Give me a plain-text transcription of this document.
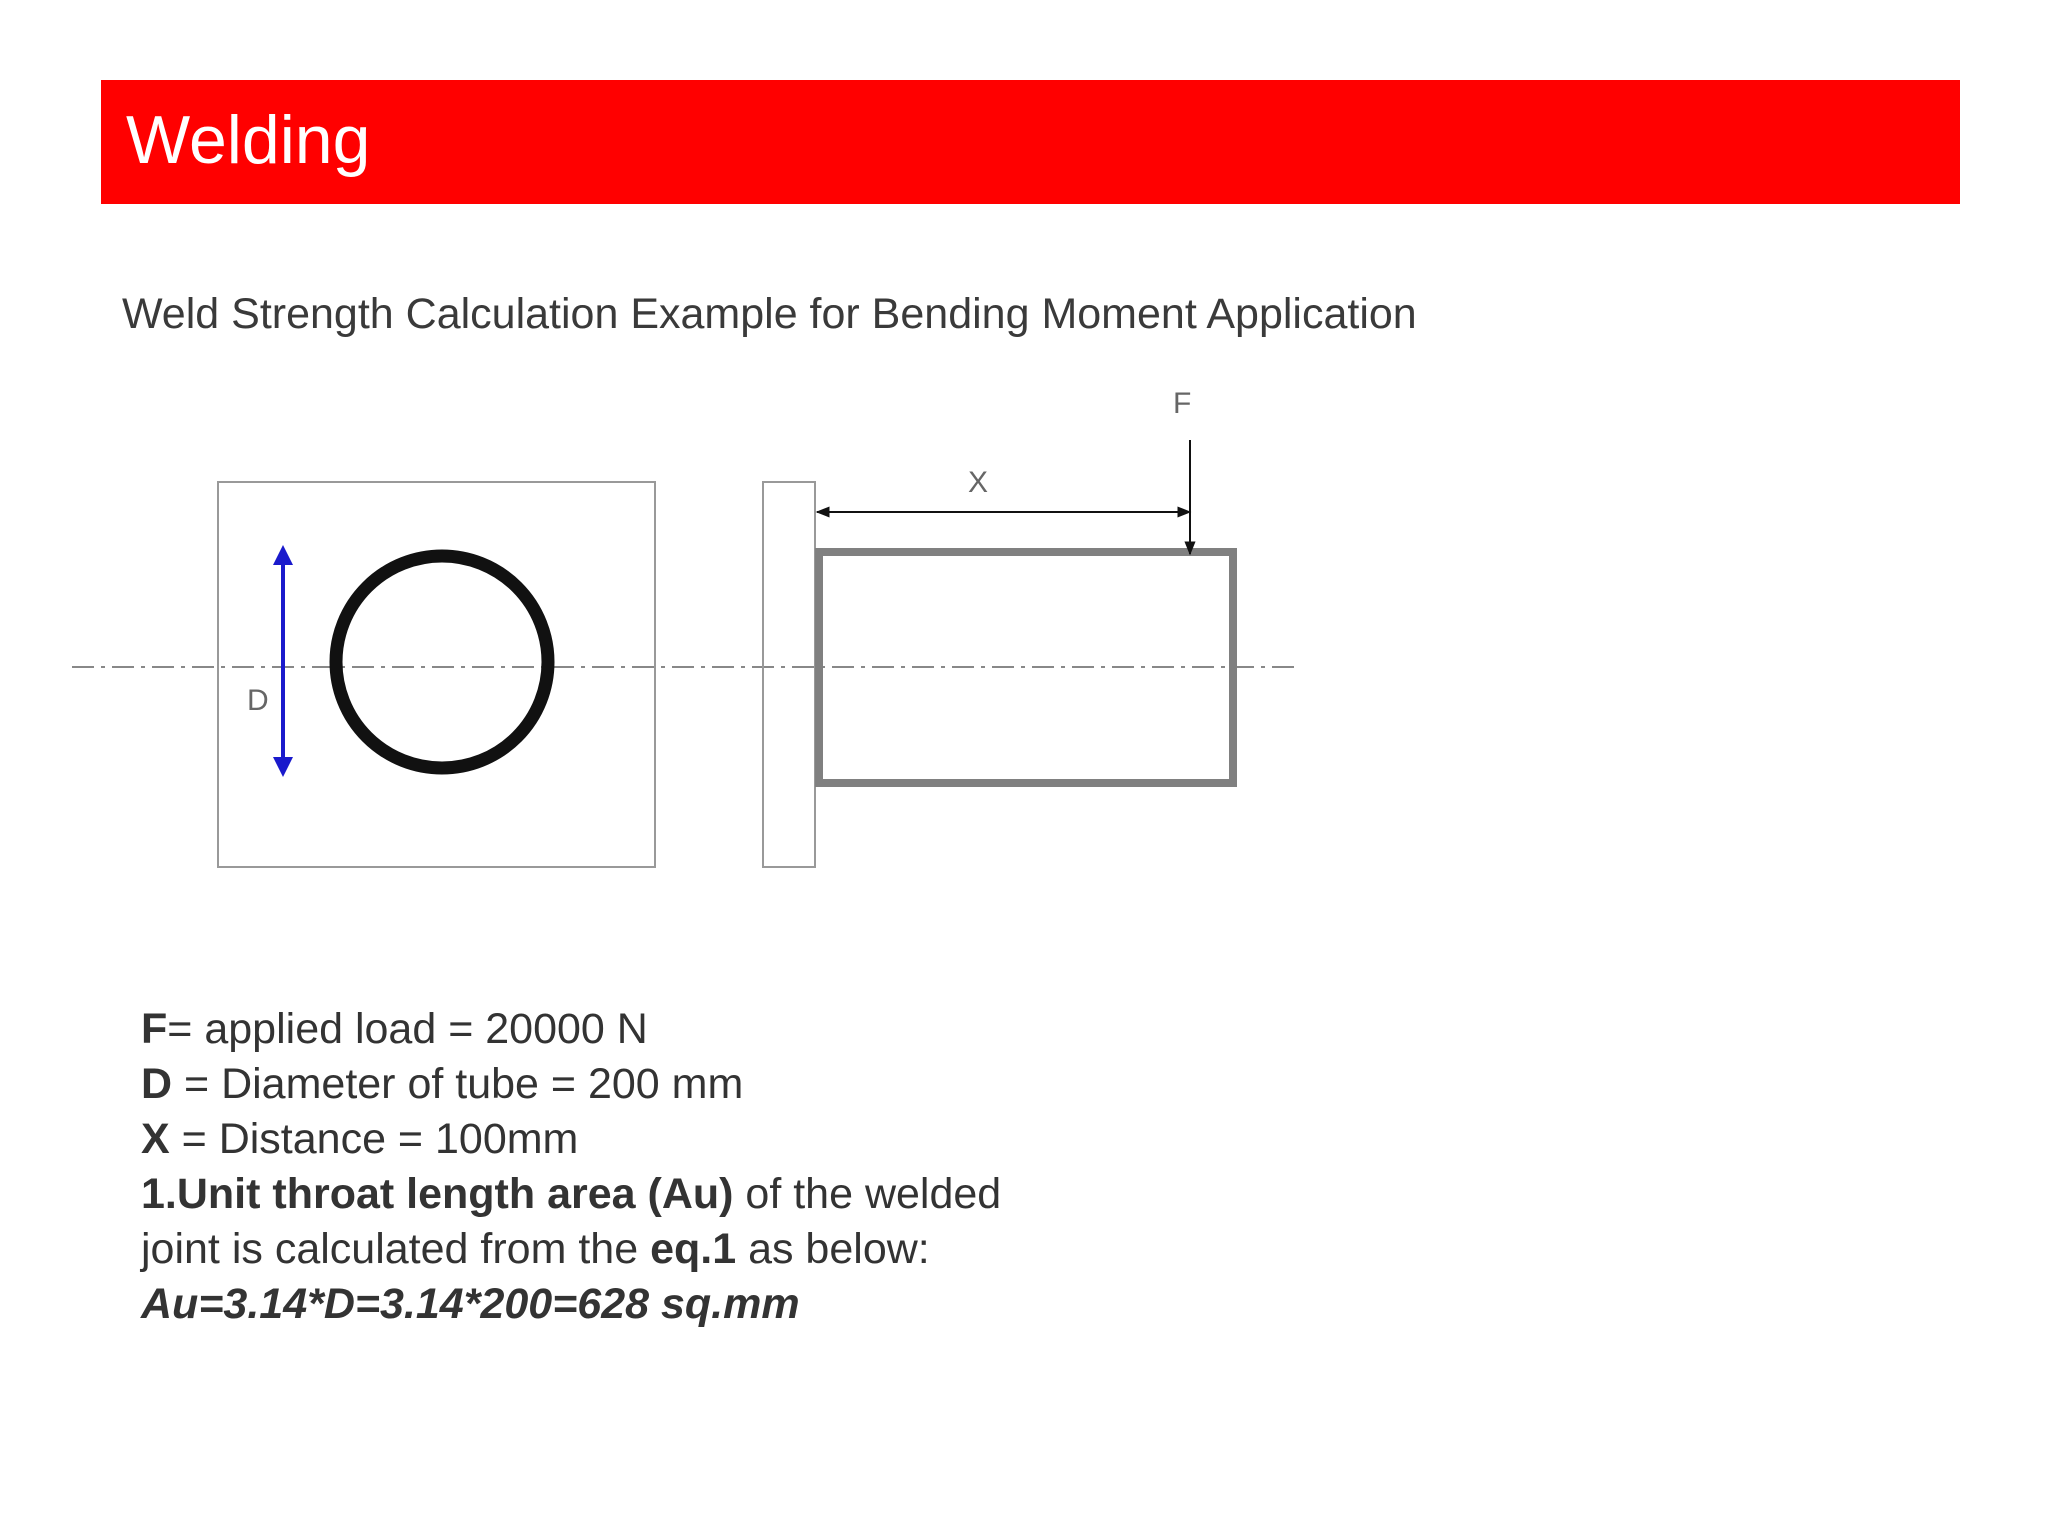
Welding
Weld Strength Calculation Example for Bending Moment Application
D
X
F
F= applied load = 20000 N
D = Diameter of tube = 200 mm
X = Distance = 100mm
1.Unit throat length area (Au) of the welded
joint is calculated from the eq.1 as below:
Au=3.14*D=3.14*200=628 sq.mm
